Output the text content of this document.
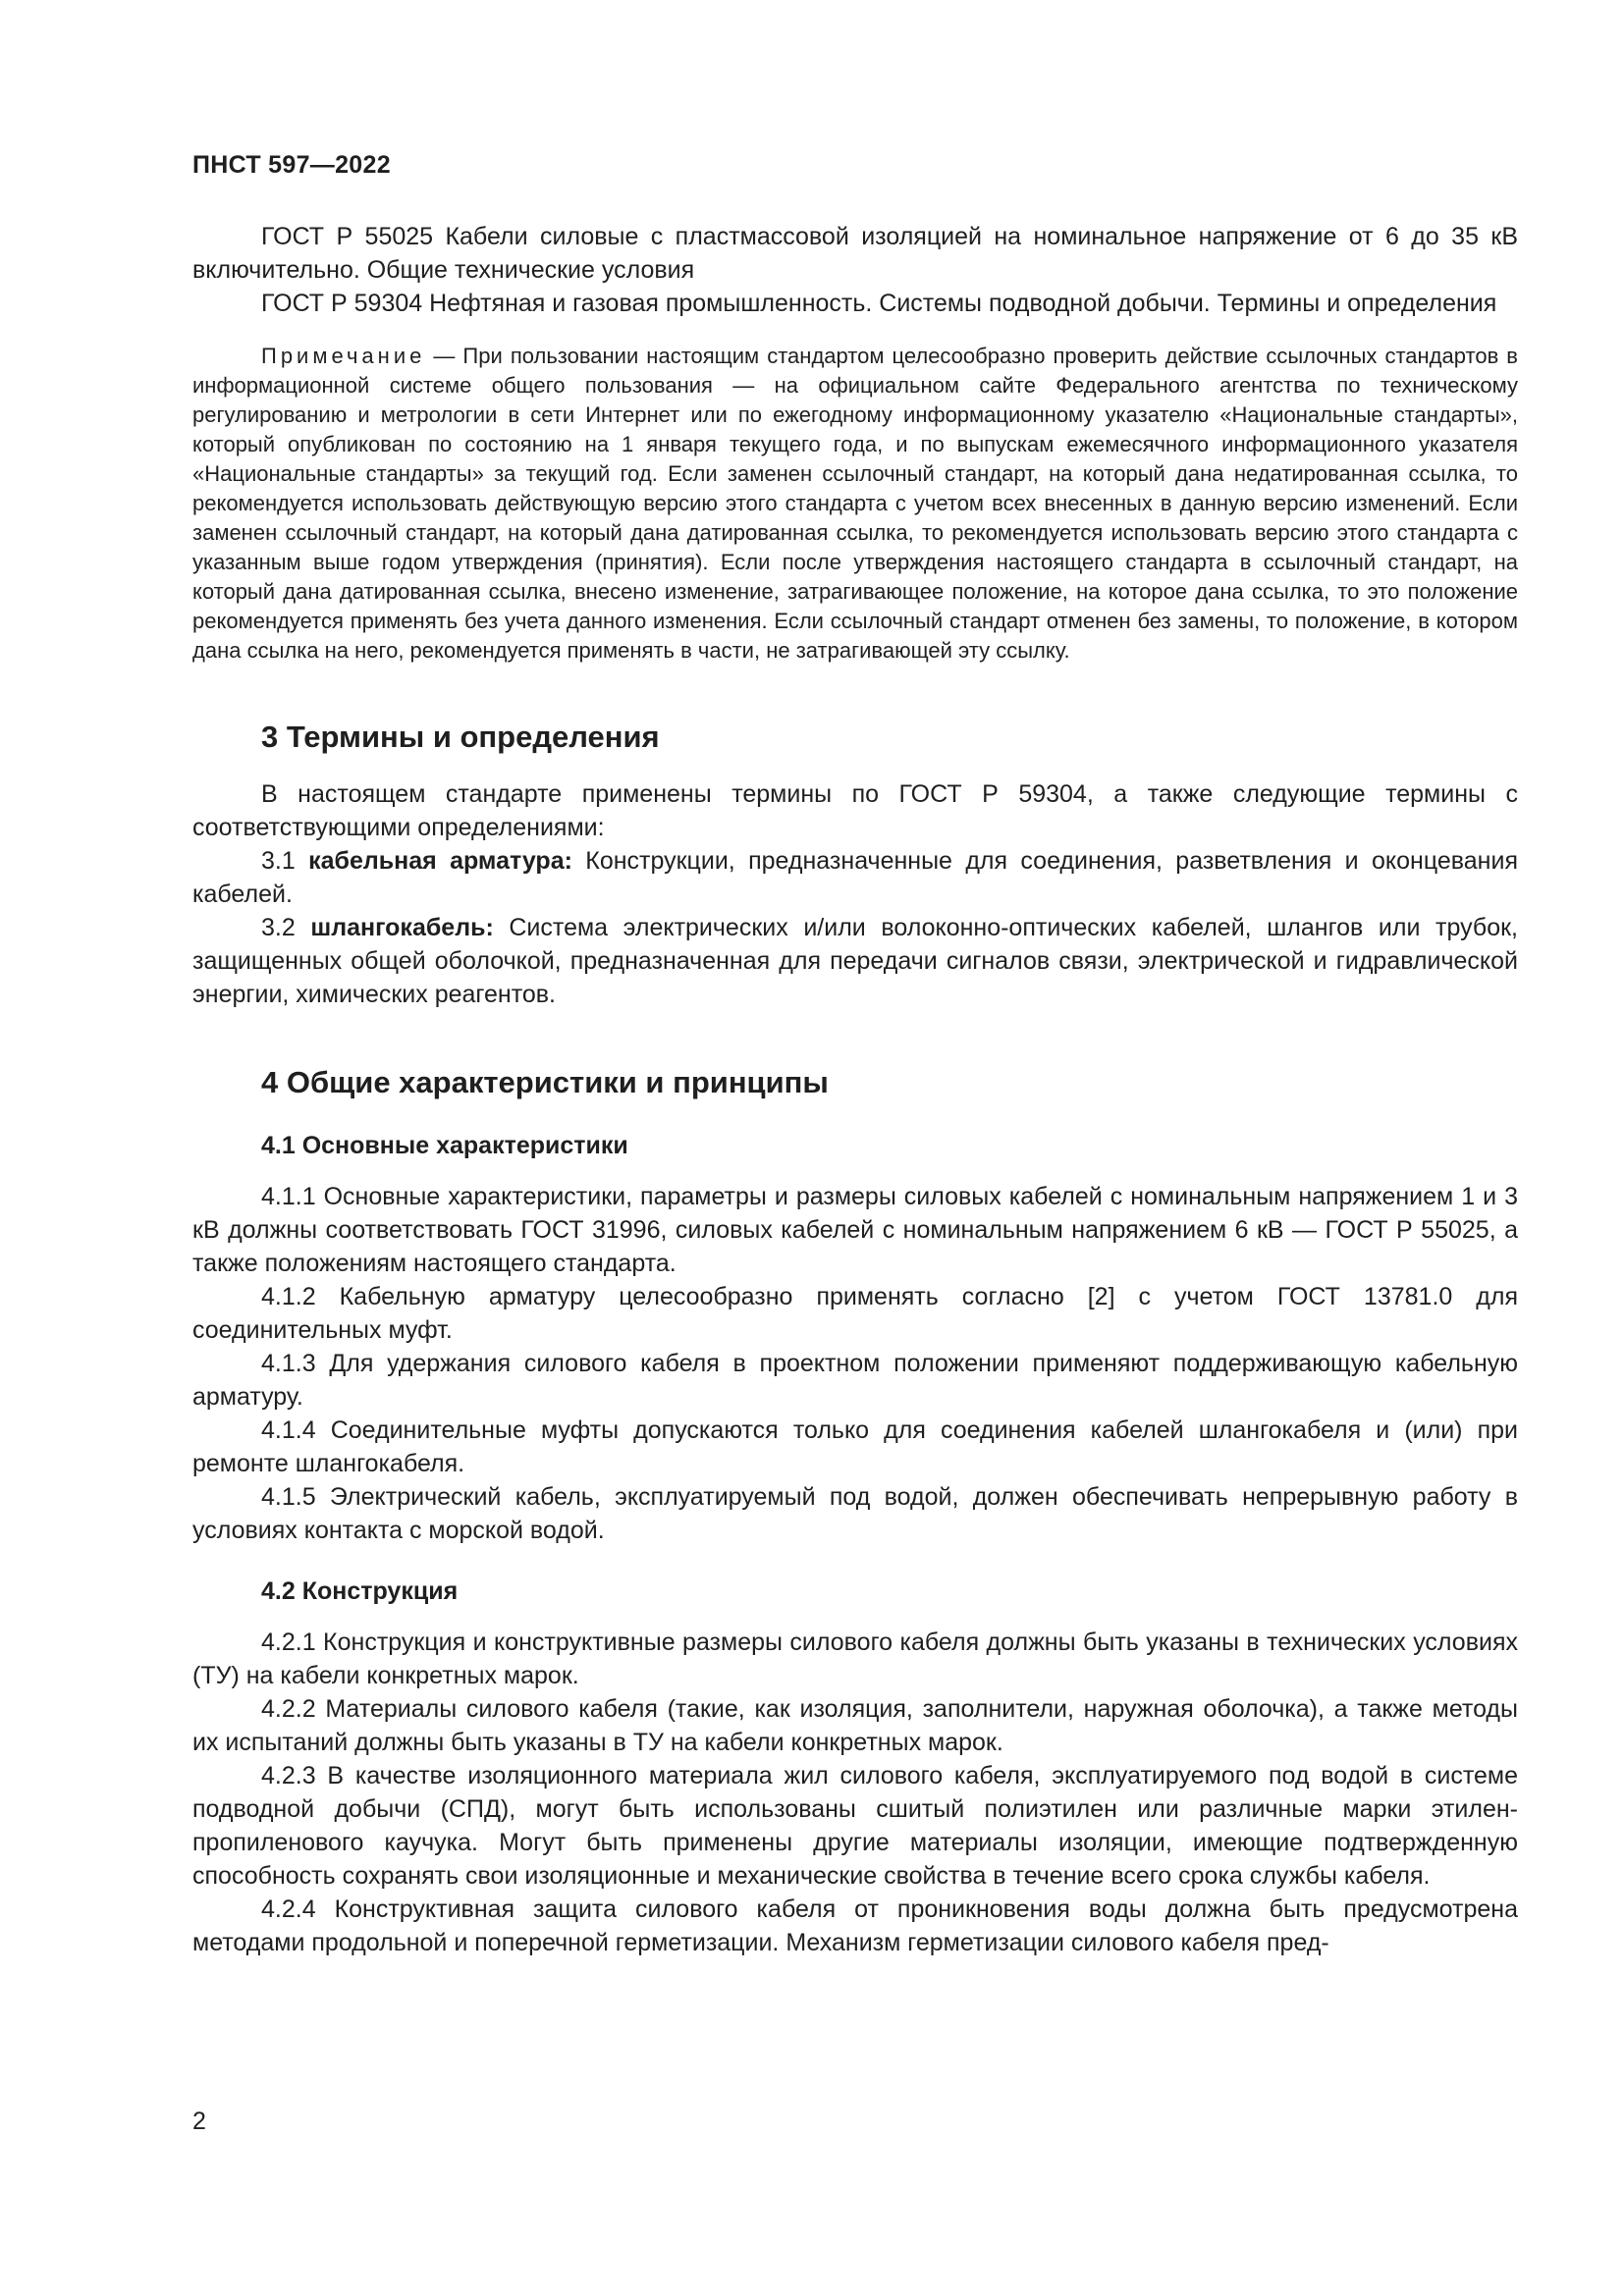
ПНСТ 597—2022

ГОСТ Р 55025 Кабели силовые с пластмассовой изоляцией на номинальное напряжение от 6 до 35 кВ включительно. Общие технические условия

ГОСТ Р 59304 Нефтяная и газовая промышленность. Системы подводной добычи. Термины и определения

Примечание — При пользовании настоящим стандартом целесообразно проверить действие ссылочных стандартов в информационной системе общего пользования — на официальном сайте Федерального агентства по техническому регулированию и метрологии в сети Интернет или по ежегодному информационному указателю «Национальные стандарты», который опубликован по состоянию на 1 января текущего года, и по выпускам ежемесячного информационного указателя «Национальные стандарты» за текущий год. Если заменен ссылочный стандарт, на который дана недатированная ссылка, то рекомендуется использовать действующую версию этого стандарта с учетом всех внесенных в данную версию изменений. Если заменен ссылочный стандарт, на который дана датированная ссылка, то рекомендуется использовать версию этого стандарта с указанным выше годом утверждения (принятия). Если после утверждения настоящего стандарта в ссылочный стандарт, на который дана датированная ссылка, внесено изменение, затрагивающее положение, на которое дана ссылка, то это положение рекомендуется применять без учета данного изменения. Если ссылочный стандарт отменен без замены, то положение, в котором дана ссылка на него, рекомендуется применять в части, не затрагивающей эту ссылку.
3 Термины и определения

В настоящем стандарте применены термины по ГОСТ Р 59304, а также следующие термины с соответствующими определениями:

3.1 кабельная арматура: Конструкции, предназначенные для соединения, разветвления и оконцевания кабелей.

3.2 шлангокабель: Система электрических и/или волоконно-оптических кабелей, шлангов или трубок, защищенных общей оболочкой, предназначенная для передачи сигналов связи, электрической и гидравлической энергии, химических реагентов.

4 Общие характеристики и принципы
4.1 Основные характеристики

4.1.1 Основные характеристики, параметры и размеры силовых кабелей с номинальным напряжением 1 и 3 кВ должны соответствовать ГОСТ 31996, силовых кабелей с номинальным напряжением 6 кВ — ГОСТ Р 55025, а также положениям настоящего стандарта.

4.1.2 Кабельную арматуру целесообразно применять согласно [2] с учетом ГОСТ 13781.0 для соединительных муфт.

4.1.3 Для удержания силового кабеля в проектном положении применяют поддерживающую кабельную арматуру.

4.1.4 Соединительные муфты допускаются только для соединения кабелей шлангокабеля и (или) при ремонте шлангокабеля.

4.1.5 Электрический кабель, эксплуатируемый под водой, должен обеспечивать непрерывную работу в условиях контакта с морской водой.

4.2 Конструкция

4.2.1 Конструкция и конструктивные размеры силового кабеля должны быть указаны в технических условиях (ТУ) на кабели конкретных марок.

4.2.2 Материалы силового кабеля (такие, как изоляция, заполнители, наружная оболочка), а также методы их испытаний должны быть указаны в ТУ на кабели конкретных марок.

4.2.3 В качестве изоляционного материала жил силового кабеля, эксплуатируемого под водой в системе подводной добычи (СПД), могут быть использованы сшитый полиэтилен или различные марки этилен-пропиленового каучука. Могут быть применены другие материалы изоляции, имеющие подтвержденную способность сохранять свои изоляционные и механические свойства в течение всего срока службы кабеля.

4.2.4 Конструктивная защита силового кабеля от проникновения воды должна быть предусмотрена методами продольной и поперечной герметизации. Механизм герметизации силового кабеля пред-

2
